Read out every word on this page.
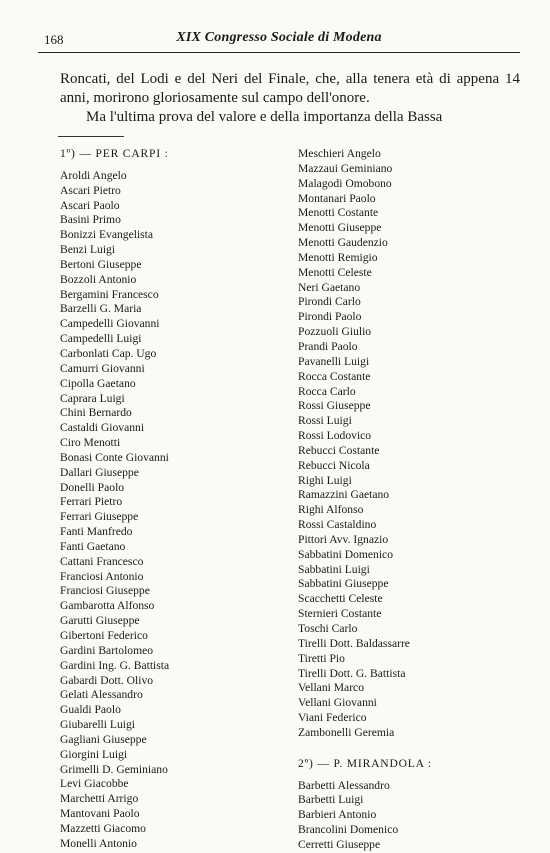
168	XIX Congresso Sociale di Modena

Roncati, del Lodi e del Neri del Finale, che, alla tenera età di appena 14 anni, morirono gloriosamente sul campo dell'onore.

Ma l'ultima prova del valore e della importanza della Bassa

1º) — PER CARPI :
Aroldi Angelo
Ascari Pietro
Ascari Paolo
Basini Primo
Bonizzi Evangelista
Benzi Luigi
Bertoni Giuseppe
Bozzoli Antonio
Bergamini Francesco
Barzelli G. Maria
Campedelli Giovanni
Campedelli Luigi
Carbonlati Cap. Ugo
Camurri Giovanni
Cipolla Gaetano
Caprara Luigi
Chini Bernardo
Castaldi Giovanni
Ciro Menotti
Bonasi Conte Giovanni
Dallari Giuseppe
Donelli Paolo
Ferrari Pietro
Ferrari Giuseppe
Fanti Manfredo
Fanti Gaetano
Cattani Francesco
Franciosi Antonio
Franciosi Giuseppe
Gambarotta Alfonso
Garutti Giuseppe
Gibertoni Federico
Gardini Bartolomeo
Gardini Ing. G. Battista
Gabardi Dott. Olivo
Gelati Alessandro
Gualdi Paolo
Giubarelli Luigi
Gagliani Giuseppe
Giorgini Luigi
Grimelli D. Geminiano
Levi Giacobbe
Marchetti Arrigo
Mantovani Paolo
Mazzetti Giacomo
Monelli Antonio
Meschieri Angelo
Mazzaui Geminiano
Malagodi Omobono
Montanari Paolo
Menotti Costante
Menotti Giuseppe
Menotti Gaudenzio
Menotti Remigio
Menotti Celeste
Neri Gaetano
Pirondi Carlo
Pirondi Paolo
Pozzuoli Giulio
Prandi Paolo
Pavanelli Luigi
Rocca Costante
Rocca Carlo
Rossi Giuseppe
Rossi Luigi
Rossi Lodovico
Rebucci Costante
Rebucci Nicola
Righi Luigi
Ramazzini Gaetano
Righi Alfonso
Rossi Castaldino
Pittori Avv. Ignazio
Sabbatini Domenico
Sabbatini Luigi
Sabbatini Giuseppe
Scacchetti Celeste
Sternieri Costante
Toschi Carlo
Tirelli Dott. Baldassarre
Tiretti Pio
Tirelli Dott. G. Battista
Vellani Marco
Vellani Giovanni
Viani Federico
Zambonelli Geremia
2º) — P. MIRANDOLA :
Barbetti Alessandro
Barbetti Luigi
Barbieri Antonio
Brancolini Domenico
Cerretti Giuseppe
